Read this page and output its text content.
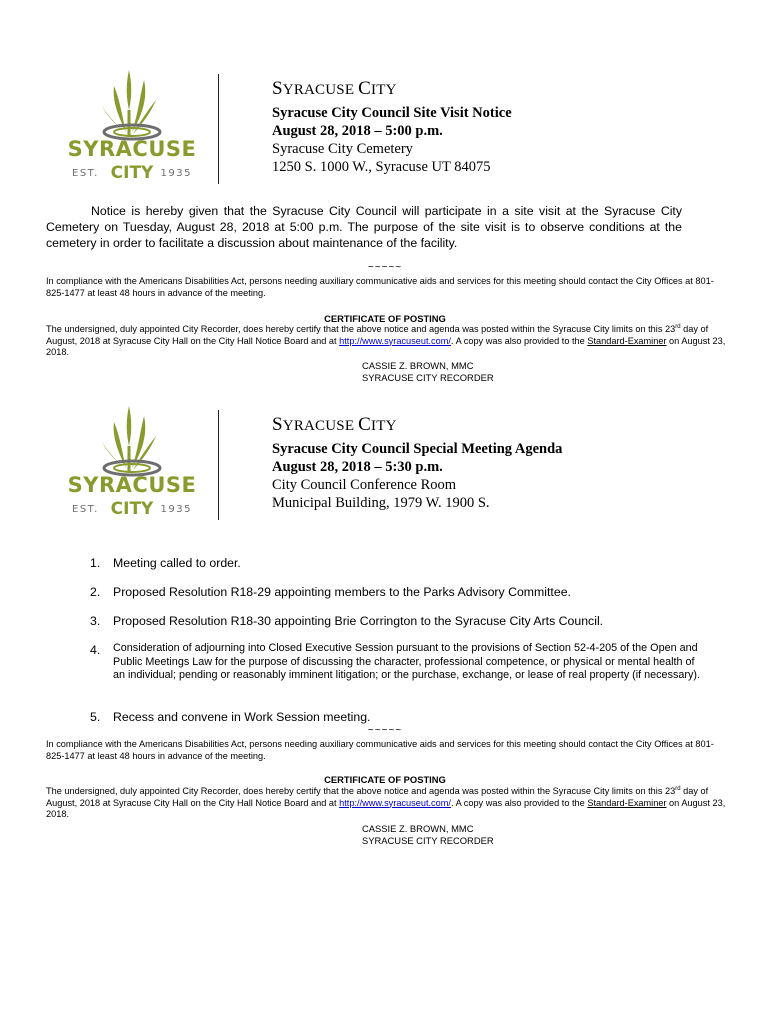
SYRACUSE
EST. CITY 1935
SYRACUSE CITY
Syracuse City Council Site Visit Notice
August 28, 2018 – 5:00 p.m.
Syracuse City Cemetery
1250 S. 1000 W., Syracuse UT 84075
Notice is hereby given that the Syracuse City Council will participate in a site visit at the Syracuse City Cemetery on Tuesday, August 28, 2018 at 5:00 p.m. The purpose of the site visit is to observe conditions at the cemetery in order to facilitate a discussion about maintenance of the facility.
~~~~~
In compliance with the Americans Disabilities Act, persons needing auxiliary communicative aids and services for this meeting should contact the City Offices at 801-825-1477 at least 48 hours in advance of the meeting.
CERTIFICATE OF POSTING
The undersigned, duly appointed City Recorder, does hereby certify that the above notice and agenda was posted within the Syracuse City limits on this 23rd day of August, 2018 at Syracuse City Hall on the City Hall Notice Board and at http://www.syracuseut.com/. A copy was also provided to the Standard-Examiner on August 23, 2018.
CASSIE Z. BROWN, MMC
SYRACUSE CITY RECORDER
SYRACUSE
EST. CITY 1935
SYRACUSE CITY
Syracuse City Council Special Meeting Agenda
August 28, 2018 – 5:30 p.m.
City Council Conference Room
Municipal Building, 1979 W. 1900 S.
1. Meeting called to order.
2. Proposed Resolution R18-29 appointing members to the Parks Advisory Committee.
3. Proposed Resolution R18-30 appointing Brie Corrington to the Syracuse City Arts Council.
4. Consideration of adjourning into Closed Executive Session pursuant to the provisions of Section 52-4-205 of the Open and Public Meetings Law for the purpose of discussing the character, professional competence, or physical or mental health of an individual; pending or reasonably imminent litigation; or the purchase, exchange, or lease of real property (if necessary).
5. Recess and convene in Work Session meeting.
~~~~~
In compliance with the Americans Disabilities Act, persons needing auxiliary communicative aids and services for this meeting should contact the City Offices at 801-825-1477 at least 48 hours in advance of the meeting.
CERTIFICATE OF POSTING
The undersigned, duly appointed City Recorder, does hereby certify that the above notice and agenda was posted within the Syracuse City limits on this 23rd day of August, 2018 at Syracuse City Hall on the City Hall Notice Board and at http://www.syracuseut.com/. A copy was also provided to the Standard-Examiner on August 23, 2018.
CASSIE Z. BROWN, MMC
SYRACUSE CITY RECORDER
